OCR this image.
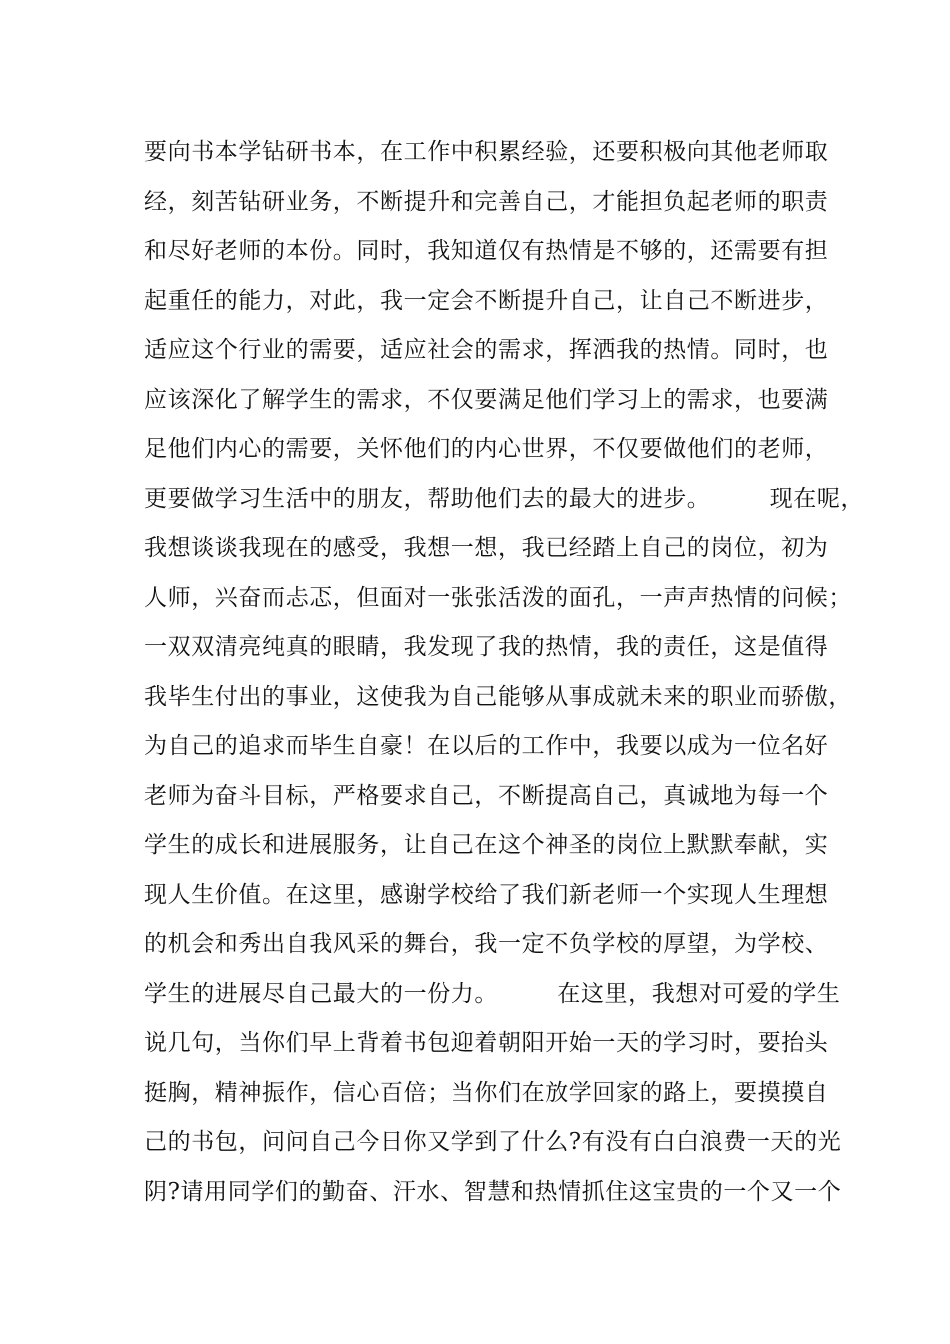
要向书本学钻研书本，在工作中积累经验，还要积极向其他老师取
经，刻苦钻研业务，不断提升和完善自己，才能担负起老师的职责
和尽好老师的本份。同时，我知道仅有热情是不够的，还需要有担
起重任的能力，对此，我一定会不断提升自己，让自己不断进步，
适应这个行业的需要，适应社会的需求，挥洒我的热情。同时，也
应该深化了解学生的需求，不仅要满足他们学习上的需求，也要满
足他们内心的需要，关怀他们的内心世界，不仅要做他们的老师，
更要做学习生活中的朋友，帮助他们去的最大的进步。　　　现在呢，
我想谈谈我现在的感受，我想一想，我已经踏上自己的岗位，初为
人师，兴奋而忐忑，但面对一张张活泼的面孔，一声声热情的问候；
一双双清亮纯真的眼睛，我发现了我的热情，我的责任，这是值得
我毕生付出的事业，这使我为自己能够从事成就未来的职业而骄傲，
为自己的追求而毕生自豪！在以后的工作中，我要以成为一位名好
老师为奋斗目标，严格要求自己，不断提高自己，真诚地为每一个
学生的成长和进展服务，让自己在这个神圣的岗位上默默奉献，实
现人生价值。在这里，感谢学校给了我们新老师一个实现人生理想
的机会和秀出自我风采的舞台，我一定不负学校的厚望，为学校、
学生的进展尽自己最大的一份力。　　　在这里，我想对可爱的学生
说几句，当你们早上背着书包迎着朝阳开始一天的学习时，要抬头
挺胸，精神振作，信心百倍；当你们在放学回家的路上，要摸摸自
己的书包，问问自己今日你又学到了什么?有没有白白浪费一天的光
阴?请用同学们的勤奋、汗水、智慧和热情抓住这宝贵的一个又一个
